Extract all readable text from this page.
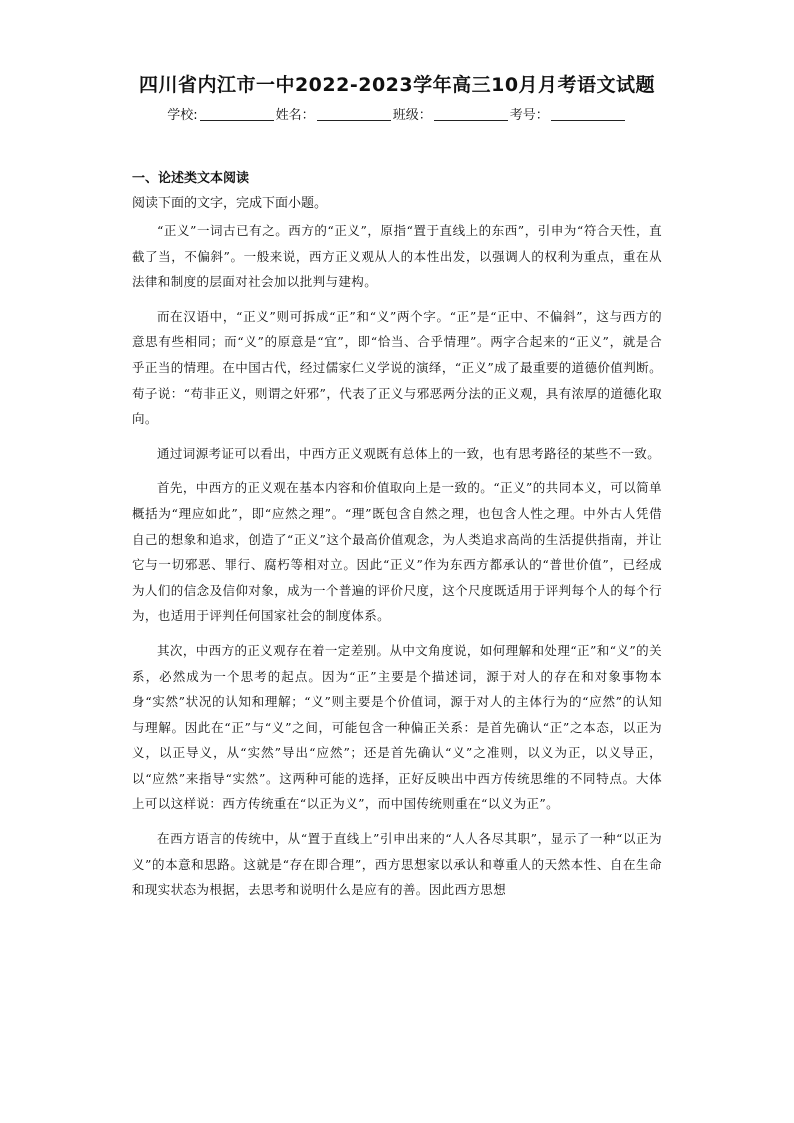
四川省内江市一中2022-2023学年高三10月月考语文试题
学校:	姓名：	班级：	考号：
一、论述类文本阅读
阅读下面的文字，完成下面小题。

“正义”一词古已有之。西方的“正义”，原指“置于直线上的东西”，引申为“符合天性，直截了当，不偏斜”。一般来说，西方正义观从人的本性出发，以强调人的权利为重点，重在从法律和制度的层面对社会加以批判与建构。

而在汉语中，“正义”则可拆成“正”和“义”两个字。“正”是“正中、不偏斜”，这与西方的意思有些相同；而“义”的原意是“宜”，即“恰当、合乎情理”。两字合起来的“正义”，就是合乎正当的情理。在中国古代，经过儒家仁义学说的演绎，“正义”成了最重要的道德价值判断。荀子说：“苟非正义，则谓之奸邪”，代表了正义与邪恶两分法的正义观，具有浓厚的道德化取向。

通过词源考证可以看出，中西方正义观既有总体上的一致，也有思考路径的某些不一致。

首先，中西方的正义观在基本内容和价值取向上是一致的。“正义”的共同本义，可以简单概括为“理应如此”，即“应然之理”。“理”既包含自然之理，也包含人性之理。中外古人凭借自己的想象和追求，创造了“正义”这个最高价值观念，为人类追求高尚的生活提供指南，并让它与一切邪恶、罪行、腐朽等相对立。因此“正义”作为东西方都承认的“普世价值”，已经成为人们的信念及信仰对象，成为一个普遍的评价尺度，这个尺度既适用于评判每个人的每个行为，也适用于评判任何国家社会的制度体系。

其次，中西方的正义观存在着一定差别。从中文角度说，如何理解和处理“正”和“义”的关系，必然成为一个思考的起点。因为“正”主要是个描述词，源于对人的存在和对象事物本身“实然”状况的认知和理解；“义”则主要是个价值词，源于对人的主体行为的“应然”的认知与理解。因此在“正”与“义”之间，可能包含一种偏正关系：是首先确认“正”之本态，以正为义，以正导义，从“实然”导出“应然”；还是首先确认“义”之准则，以义为正，以义导正，以“应然”来指导“实然”。这两种可能的选择，正好反映出中西方传统思维的不同特点。大体上可以这样说：西方传统重在“以正为义”，而中国传统则重在“以义为正”。

在西方语言的传统中，从“置于直线上”引申出来的“人人各尽其职”，显示了一种“以正为义”的本意和思路。这就是“存在即合理”，西方思想家以承认和尊重人的天然本性、自在生命和现实状态为根据，去思考和说明什么是应有的善。因此西方思想
